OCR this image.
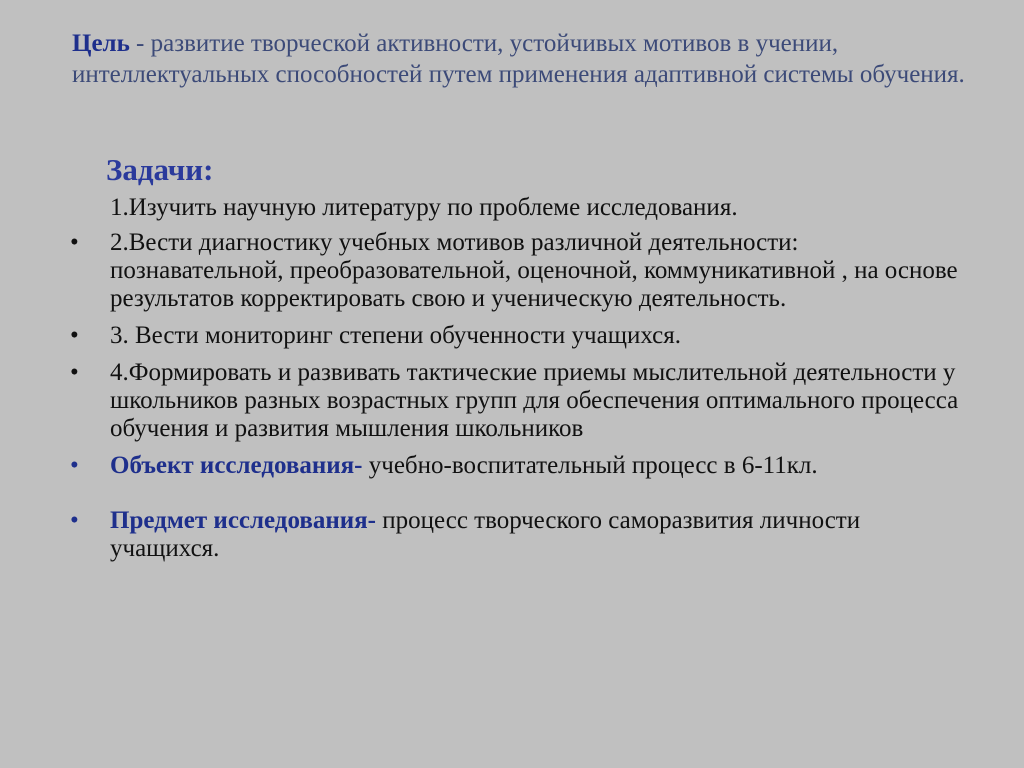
Цель - развитие творческой активности, устойчивых мотивов в учении, интеллектуальных способностей путем применения адаптивной системы обучения.
Задачи:
1.Изучить научную литературу по проблеме исследования.
•	2.Вести диагностику учебных мотивов различной деятельности: познавательной, преобразовательной, оценочной, коммуникативной , на основе результатов корректировать свою и ученическую деятельность.
•	3. Вести мониторинг степени обученности учащихся.
•	4.Формировать и развивать тактические приемы мыслительной деятельности у школьников разных возрастных групп для обеспечения оптимального процесса обучения и развития мышления школьников
•	Объект исследования- учебно-воспитательный процесс в 6-11кл.
•	Предмет исследования- процесс творческого саморазвития личности учащихся.
